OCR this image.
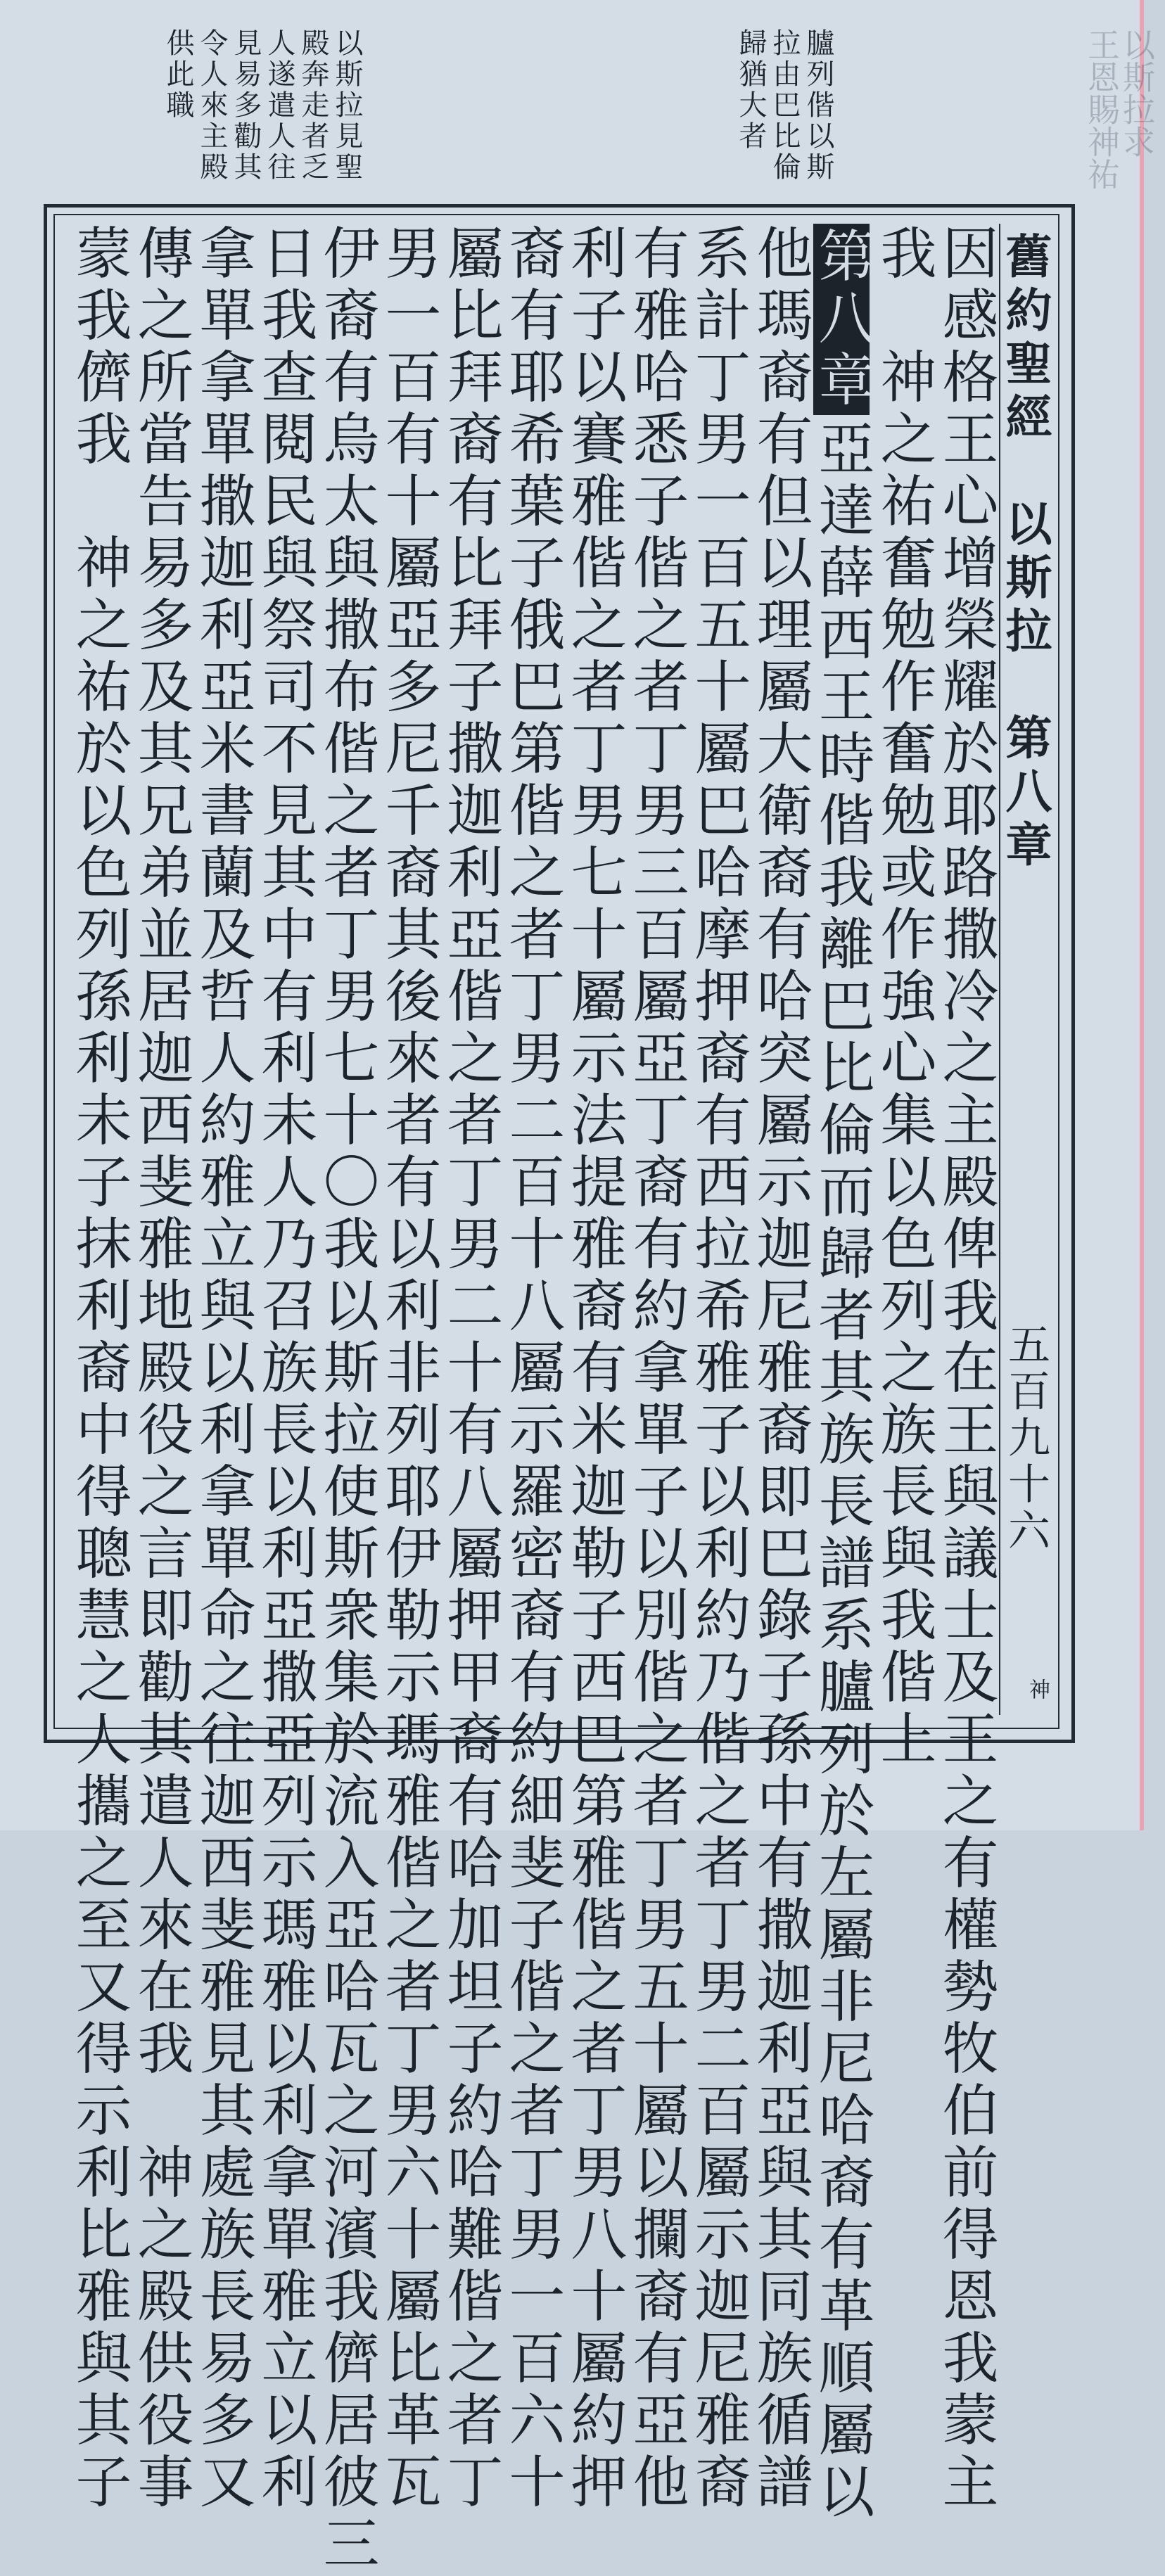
王恩賜神祐
以斯拉求
臚列偕以斯
拉由巴比倫
歸猶大者
以斯拉見聖
殿奔走者乏
人遂遣人往
見易多勸其
令人來主殿
供此職
舊約聖經　以斯拉　第八章
五百九十六
神
因感格王心增榮耀於耶路撒冷之主殿俾我在王與議士及王之有權勢牧伯前得恩我蒙主
我　神之祐奮勉作奮勉或作強心集以色列之族長與我偕上
第八章亞達薛西王時偕我離巴比倫而歸者其族長譜系臚列於左屬非尼哈裔有革順屬以
他瑪裔有但以理屬大衛裔有哈突屬示迦尼雅裔即巴錄子孫中有撒迦利亞與其同族循譜
系計丁男一百五十屬巴哈摩押裔有西拉希雅子以利約乃偕之者丁男二百屬示迦尼雅裔
有雅哈悉子偕之者丁男三百屬亞丁裔有約拿單子以別偕之者丁男五十屬以攔裔有亞他
利子以賽雅偕之者丁男七十屬示法提雅裔有米迦勒子西巴第雅偕之者丁男八十屬約押
裔有耶希葉子俄巴第偕之者丁男二百十八屬示羅密裔有約細斐子偕之者丁男一百六十
屬比拜裔有比拜子撒迦利亞偕之者丁男二十有八屬押甲裔有哈加坦子約哈難偕之者丁
男一百有十屬亞多尼千裔其後來者有以利非列耶伊勒示瑪雅偕之者丁男六十屬比革瓦
伊裔有烏太與撒布偕之者丁男七十〇我以斯拉使斯衆集於流入亞哈瓦之河濱我儕居彼三
日我查閱民與祭司不見其中有利未人乃召族長以利亞撒亞列示瑪雅以利拿單雅立以利
拿單拿單撒迦利亞米書蘭及哲人約雅立與以利拿單命之往迦西斐雅見其處族長易多又
傳之所當告易多及其兄弟並居迦西斐雅地殿役之言即勸其遣人來在我　神之殿供役事
蒙我儕我　神之祐於以色列孫利未子抹利裔中得聰慧之人攜之至又得示利比雅與其子
